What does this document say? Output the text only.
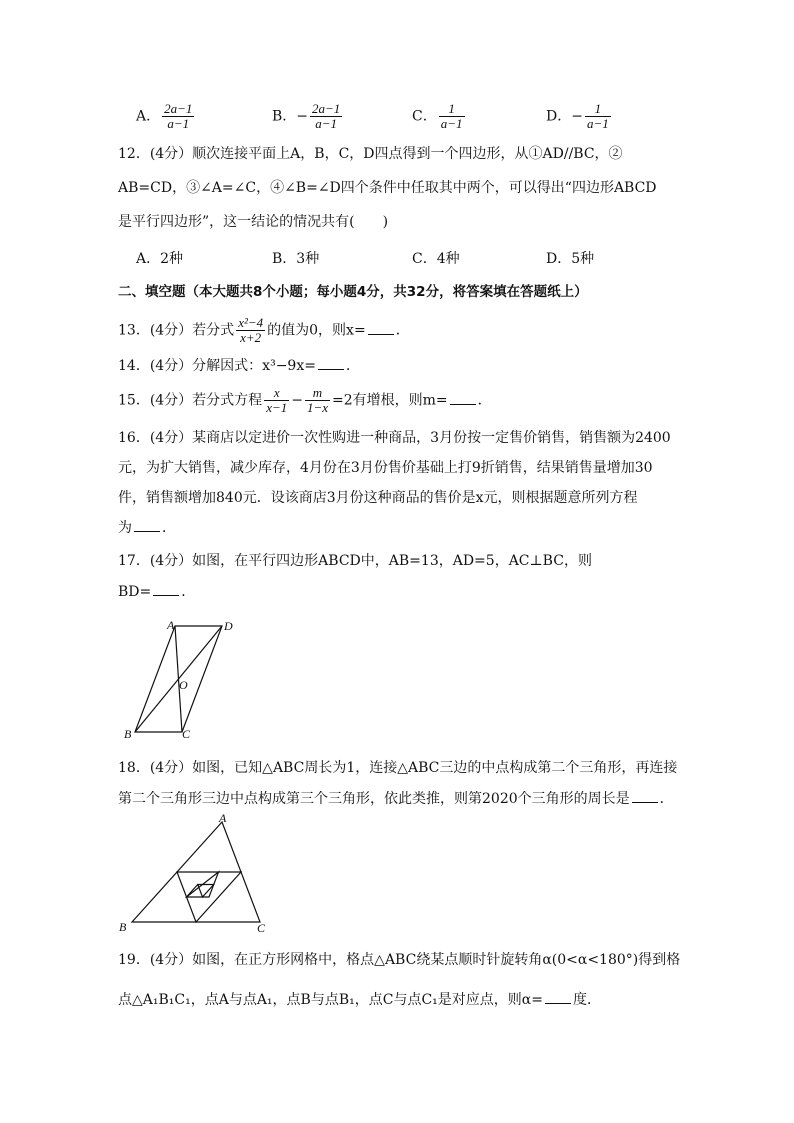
A． $\frac{2a-1}{a-1}$	B．− $\frac{2a-1}{a-1}$	C． $\frac{1}{a-1}$	D．− $\frac{1}{a-1}$
12．(4分）顺次连接平面上A，B，C，D四点得到一个四边形，从①AD//BC，②
AB=CD，③∠A=∠C，④∠B=∠D四个条件中任取其中两个，可以得出“四边形ABCD
是平行四边形”，这一结论的情况共有(　　)
A．2种	B．3种	C．4种	D．5种
二、填空题（本大题共8个小题；每小题4分，共32分，将答案填在答题纸上）
13．(4分）若分式 $\frac{\text{x²−4}}{x+2}$ 的值为0，则x= ．
14．(4分）分解因式：x³−9x= ．
15．(4分）若分式方程 $\frac{x}{x-1} - \frac{m}{1-x} =2$有增根，则m= ．
16．(4分）某商店以定进价一次性购进一种商品，3月份按一定售价销售，销售额为2400
元，为扩大销售，减少库存，4月份在3月份售价基础上打9折销售，结果销售量增加30
件，销售额增加840元．设该商店3月份这种商品的售价是x元，则根据题意所列方程
为 ．
17．(4分）如图，在平行四边形ABCD中，AB=13，AD=5，AC⊥BC，则
BD= ．
A	D
O
B	C
18．(4分）如图，已知△ABC周长为1，连接△ABC三边的中点构成第二个三角形，再连接
第二个三角形三边中点构成第三个三角形，依此类推，则第2020个三角形的周长是 ．
A
B	C
19．(4分）如图，在正方形网格中，格点△ABC绕某点顺时针旋转角α(0<α<180°)得到格
点△A₁B₁C₁，点A与点A₁，点B与点B₁，点C与点C₁是对应点，则α= 度．
